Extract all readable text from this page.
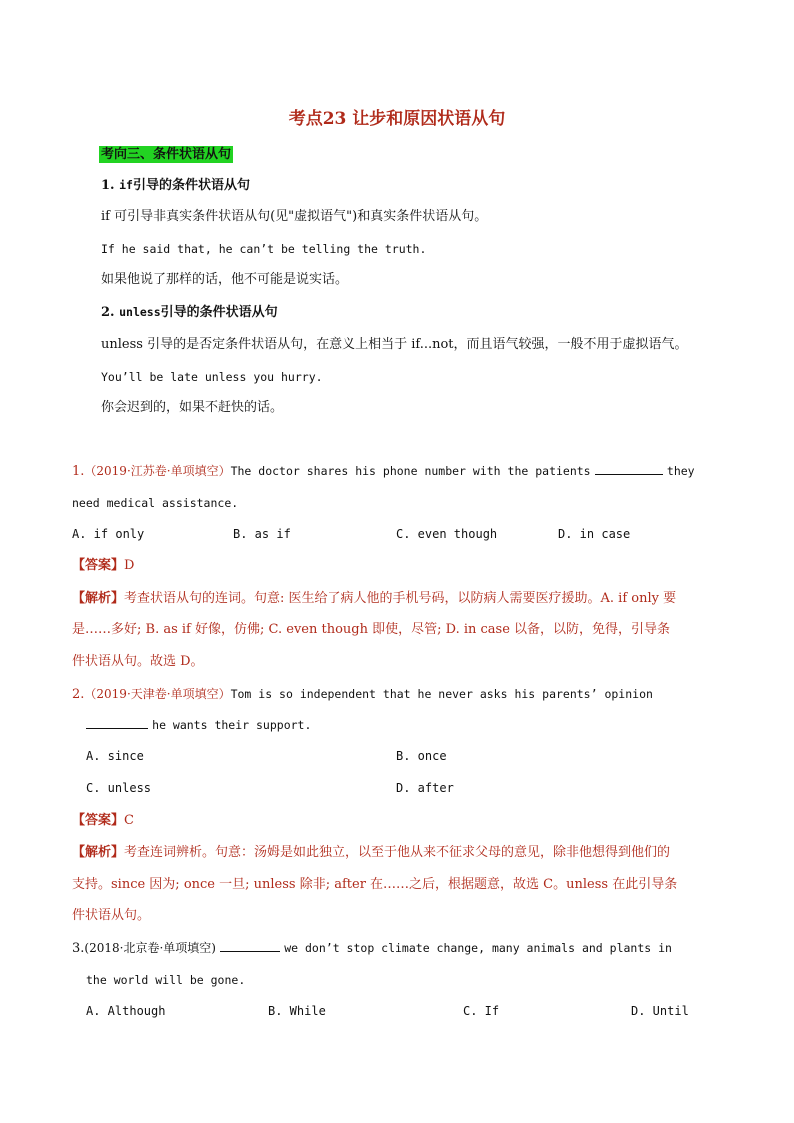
考点23 让步和原因状语从句
考向三、条件状语从句
1. if引导的条件状语从句
if 可引导非真实条件状语从句(见"虚拟语气")和真实条件状语从句。
If he said that, he can’t be telling the truth.
如果他说了那样的话，他不可能是说实话。
2. unless引导的条件状语从句
unless 引导的是否定条件状语从句，在意义上相当于 if...not，而且语气较强，一般不用于虚拟语气。
You’ll be late unless you hurry.
你会迟到的，如果不赶快的话。
1.（2019·江苏卷·单项填空）The doctor shares his phone number with the patients	they
need medical assistance.
A. if only	B. as if	C. even though	D. in case
【答案】D
【解析】考查状语从句的连词。句意: 医生给了病人他的手机号码，以防病人需要医疗援助。A. if only 要
是……多好; B. as if 好像，仿佛; C. even though 即使，尽管; D. in case 以备，以防，免得，引导条
件状语从句。故选 D。
2.（2019·天津卷·单项填空）Tom is so independent that he never asks his parents’ opinion
he wants their support.
A. since	B. once
C. unless	D. after
【答案】C
【解析】考查连词辨析。句意：汤姆是如此独立，以至于他从来不征求父母的意见，除非他想得到他们的
支持。since 因为; once 一旦; unless 除非; after 在……之后，根据题意，故选 C。unless 在此引导条
件状语从句。
3.(2018·北京卷·单项填空)	we don’t stop climate change, many animals and plants in
the world will be gone.
A. Although	B. While	C. If	D. Until
